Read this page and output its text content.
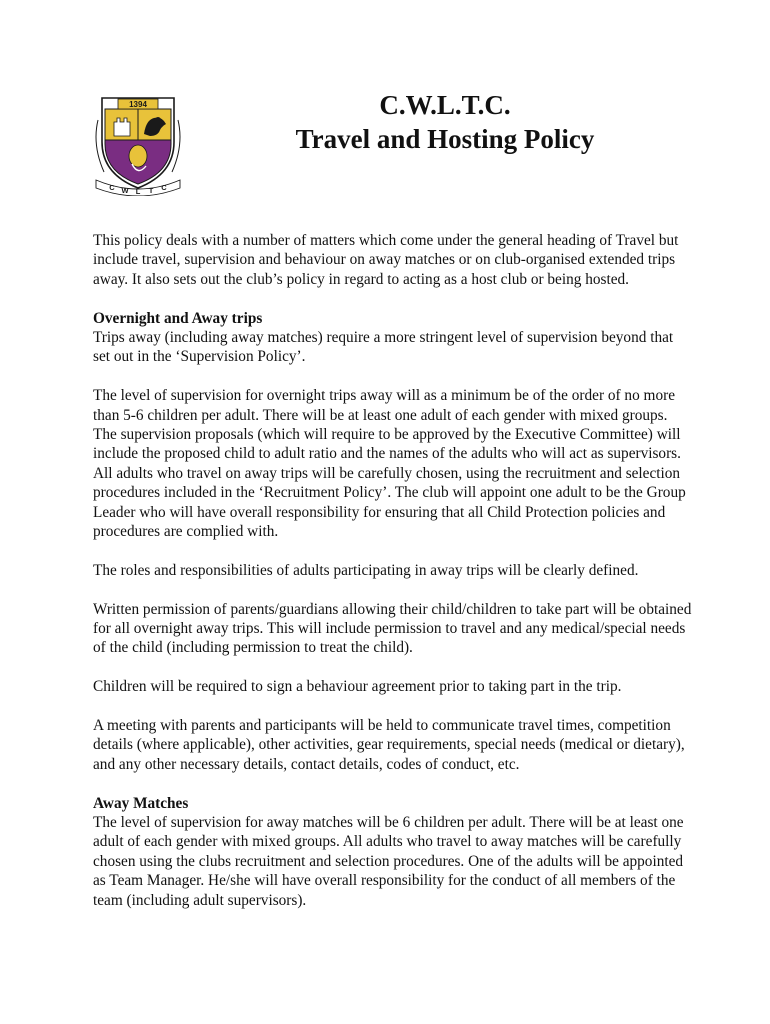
1394
C W L T C

C.W.L.T.C.

Travel and Hosting Policy

This policy deals with a number of matters which come under the general heading of Travel but include travel, supervision and behaviour on away matches or on club-organised extended trips away. It also sets out the club’s policy in regard to acting as a host club or being hosted.

Overnight and Away trips

Trips away (including away matches) require a more stringent level of supervision beyond that set out in the ‘Supervision Policy’.

The level of supervision for overnight trips away will as a minimum be of the order of no more than 5-6 children per adult. There will be at least one adult of each gender with mixed groups. The supervision proposals (which will require to be approved by the Executive Committee) will include the proposed child to adult ratio and the names of the adults who will act as supervisors. All adults who travel on away trips will be carefully chosen, using the recruitment and selection procedures included in the ‘Recruitment Policy’. The club will appoint one adult to be the Group Leader who will have overall responsibility for ensuring that all Child Protection policies and procedures are complied with.

The roles and responsibilities of adults participating in away trips will be clearly defined.

Written permission of parents/guardians allowing their child/children to take part will be obtained for all overnight away trips. This will include permission to travel and any medical/special needs of the child (including permission to treat the child).

Children will be required to sign a behaviour agreement prior to taking part in the trip.

A meeting with parents and participants will be held to communicate travel times, competition details (where applicable), other activities, gear requirements, special needs (medical or dietary), and any other necessary details, contact details, codes of conduct, etc.

Away Matches

The level of supervision for away matches will be 6 children per adult. There will be at least one adult of each gender with mixed groups. All adults who travel to away matches will be carefully chosen using the clubs recruitment and selection procedures. One of the adults will be appointed as Team Manager. He/she will have overall responsibility for the conduct of all members of the team (including adult supervisors).
